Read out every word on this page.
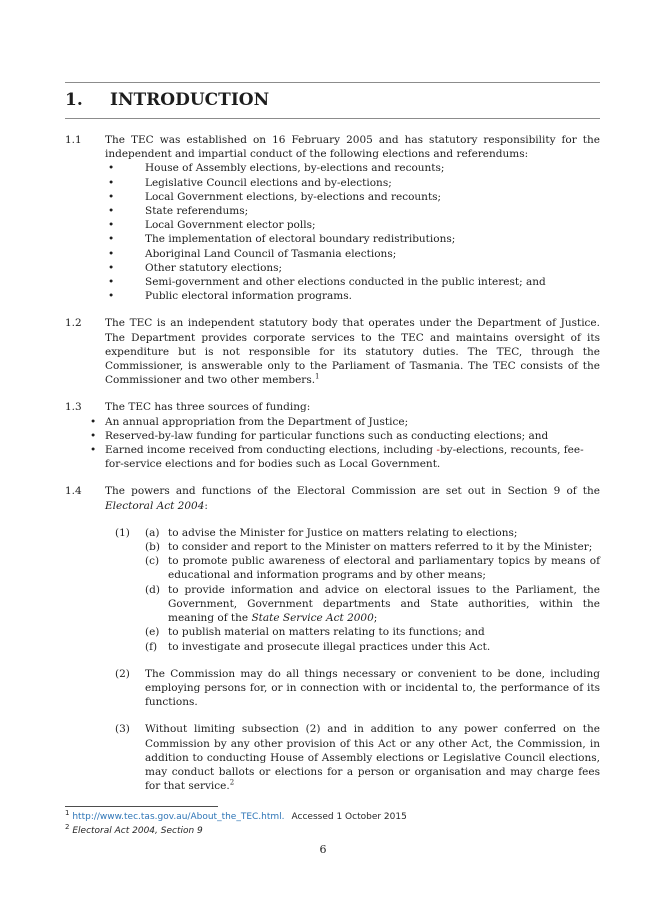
1.	INTRODUCTION
1.1	The TEC was established on 16 February 2005 and has statutory responsibility for the independent and impartial conduct of the following elections and referendums:
•	House of Assembly elections, by-elections and recounts;
•	Legislative Council elections and by-elections;
•	Local Government elections, by-elections and recounts;
•	State referendums;
•	Local Government elector polls;
•	The implementation of electoral boundary redistributions;
•	Aboriginal Land Council of Tasmania elections;
•	Other statutory elections;
•	Semi-government and other elections conducted in the public interest; and
•	Public electoral information programs.
1.2	The TEC is an independent statutory body that operates under the Department of Justice. The Department provides corporate services to the TEC and maintains oversight of its expenditure but is not responsible for its statutory duties. The TEC, through the Commissioner, is answerable only to the Parliament of Tasmania. The TEC consists of the Commissioner and two other members.$^1$
1.3	The TEC has three sources of funding:
• An annual appropriation from the Department of Justice;
• Reserved-by-law funding for particular functions such as conducting elections; and
• Earned income received from conducting elections, including -by-elections, recounts, fee-for-service elections and for bodies such as Local Government.
1.4	The powers and functions of the Electoral Commission are set out in Section 9 of the Electoral Act 2004:
(1)	(a) to advise the Minister for Justice on matters relating to elections;
(b) to consider and report to the Minister on matters referred to it by the Minister;
(c) to promote public awareness of electoral and parliamentary topics by means of educational and information programs and by other means;
(d) to provide information and advice on electoral issues to the Parliament, the Government, Government departments and State authorities, within the meaning of the State Service Act 2000;
(e) to publish material on matters relating to its functions; and
(f)	to investigate and prosecute illegal practices under this Act.
(2)	The Commission may do all things necessary or convenient to be done, including employing persons for, or in connection with or incidental to, the performance of its functions.
(3)	Without limiting subsection (2) and in addition to any power conferred on the Commission by any other provision of this Act or any other Act, the Commission, in addition to conducting House of Assembly elections or Legislative Council elections, may conduct ballots or elections for a person or organisation and may charge fees for that service.$^2$
$^1$ http://www.tec.tas.gov.au/About_the_TEC.html. Accessed 1 October 2015
$^2$ Electoral Act 2004, Section 9
6
